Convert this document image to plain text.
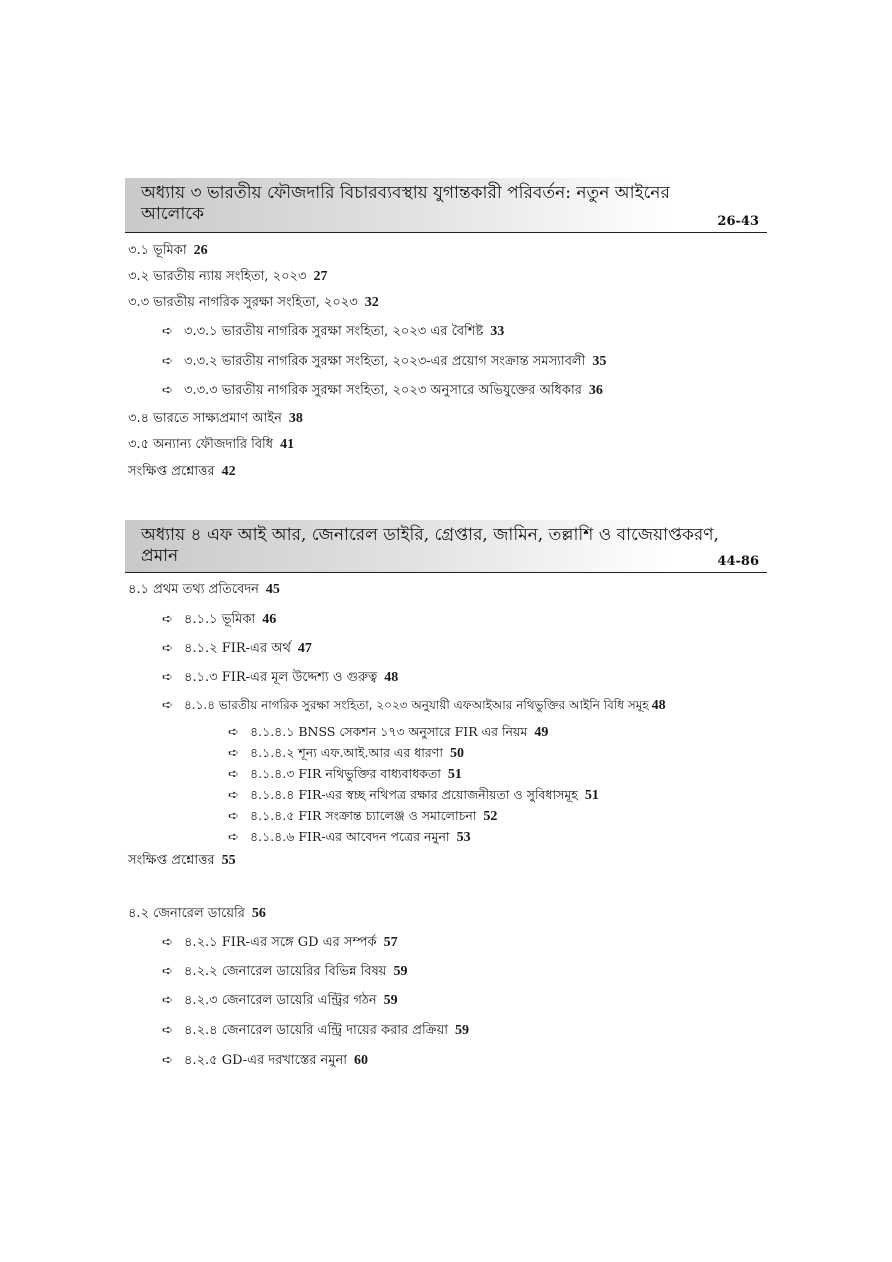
অধ্যায় ৩ ভারতীয় ফৌজদারি বিচারব্যবস্থায় যুগান্তকারী পরিবর্তন: নতুন আইনের আলোকে	26-43
৩.১ ভূমিকা 26
৩.২ ভারতীয় ন্যায় সংহিতা, ২০২৩ 27
৩.৩ ভারতীয় নাগরিক সুরক্ষা সংহিতা, ২০২৩ 32
➪ ৩.৩.১ ভারতীয় নাগরিক সুরক্ষা সংহিতা, ২০২৩ এর বৈশিষ্ট 33
➪ ৩.৩.২ ভারতীয় নাগরিক সুরক্ষা সংহিতা, ২০২৩-এর প্রয়োগ সংক্রান্ত সমস্যাবলী 35
➪ ৩.৩.৩ ভারতীয় নাগরিক সুরক্ষা সংহিতা, ২০২৩ অনুসারে অভিযুক্তের অধিকার 36
৩.৪ ভারতে সাক্ষ্যপ্রমাণ আইন 38
৩.৫ অন্যান্য ফৌজদারি বিধি 41
সংক্ষিপ্ত প্রশ্নোত্তর 42
অধ্যায় ৪ এফ আই আর, জেনারেল ডাইরি, গ্রেপ্তার, জামিন, তল্লাশি ও বাজেয়াপ্তকরণ, প্রমান	44-86
৪.১ প্রথম তথ্য প্রতিবেদন 45
➪ ৪.১.১ ভূমিকা 46
➪ ৪.১.২ FIR-এর অর্থ 47
➪ ৪.১.৩ FIR-এর মূল উদ্দেশ্য ও গুরুত্ব 48
➪ ৪.১.৪ ভারতীয় নাগরিক সুরক্ষা সংহিতা, ২০২৩ অনুযায়ী এফআইআর নথিভুক্তির আইনি বিধি সমূহ 48
➪ ৪.১.৪.১ BNSS সেকশন ১৭৩ অনুসারে FIR এর নিয়ম 49
➪ ৪.১.৪.২ শূন্য এফ.আই.আর এর ধারণা 50
➪ ৪.১.৪.৩ FIR নথিভুক্তির বাধ্যবাধকতা 51
➪ ৪.১.৪.৪ FIR-এর স্বচ্ছ নথিপত্র রক্ষার প্রয়োজনীয়তা ও সুবিধাসমূহ 51
➪ ৪.১.৪.৫ FIR সংক্রান্ত চ্যালেঞ্জ ও সমালোচনা 52
➪ ৪.১.৪.৬ FIR-এর আবেদন পত্রের নমুনা 53
সংক্ষিপ্ত প্রশ্নোত্তর 55
৪.২ জেনারেল ডায়েরি 56
➪ ৪.২.১ FIR-এর সঙ্গে GD এর সম্পর্ক 57
➪ ৪.২.২ জেনারেল ডায়েরির বিভিন্ন বিষয় 59
➪ ৪.২.৩ জেনারেল ডায়েরি এন্ট্রির গঠন 59
➪ ৪.২.৪ জেনারেল ডায়েরি এন্ট্রি দায়ের করার প্রক্রিয়া 59
➪ ৪.২.৫ GD-এর দরখাস্তের নমুনা 60
